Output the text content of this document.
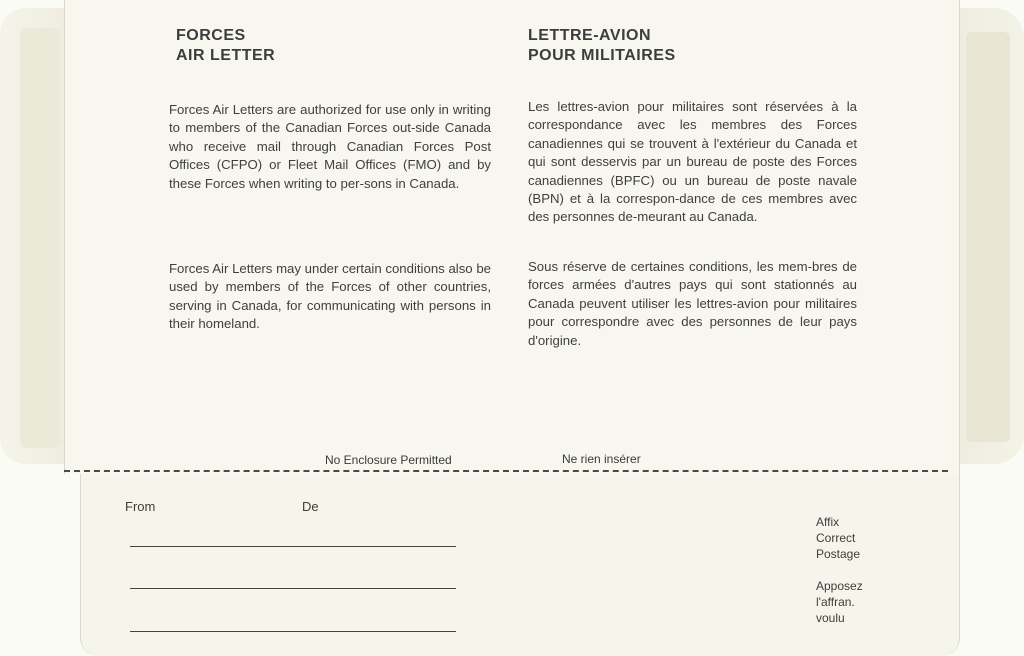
FORCES
AIR LETTER

Forces Air Letters are authorized for use only in writing to members of the Canadian Forces out-side Canada who receive mail through Canadian Forces Post Offices (CFPO) or Fleet Mail Offices (FMO) and by these Forces when writing to per-sons in Canada.

Forces Air Letters may under certain conditions also be used by members of the Forces of other countries, serving in Canada, for communicating with persons in their homeland.

LETTRE-AVION
POUR MILITAIRES

Les lettres-avion pour militaires sont réservées à la correspondance avec les membres des Forces canadiennes qui se trouvent à l'extérieur du Canada et qui sont desservis par un bureau de poste des Forces canadiennes (BPFC) ou un bureau de poste navale (BPN) et à la correspon-dance de ces membres avec des personnes de-meurant au Canada.

Sous réserve de certaines conditions, les mem-bres de forces armées d'autres pays qui sont stationnés au Canada peuvent utiliser les lettres-avion pour militaires pour correspondre avec des personnes de leur pays d'origine.

No Enclosure Permitted	Ne rien insérer
From	De
Affix
Correct
Postage
Apposez
l'affran.
voulu
